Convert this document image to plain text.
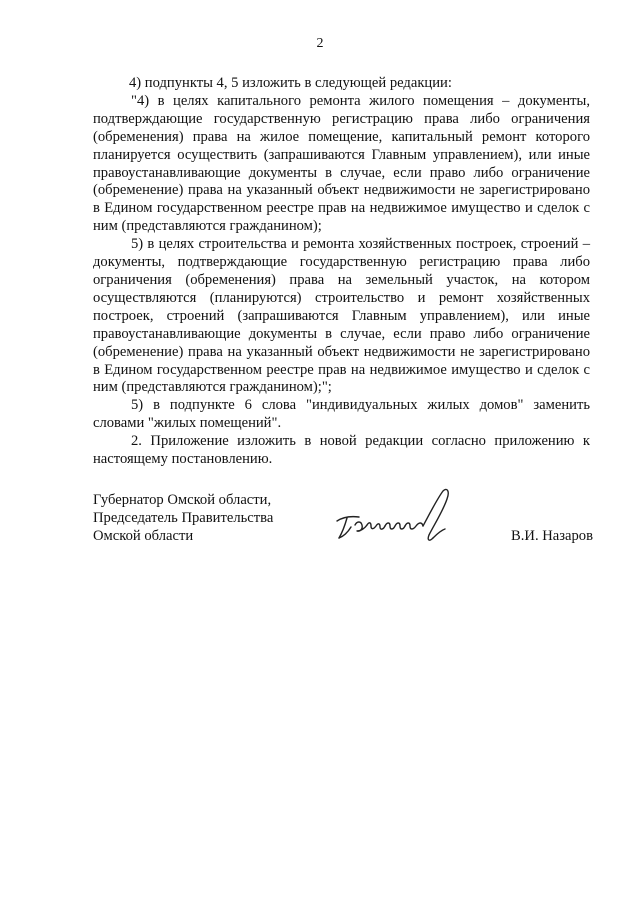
2

4) подпункты 4, 5 изложить в следующей редакции:

"4) в целях капитального ремонта жилого помещения – документы, подтверждающие государственную регистрацию права либо ограничения (обременения) права на жилое помещение, капитальный ремонт которого планируется осуществить (запрашиваются Главным управлением), или иные правоустанавливающие документы в случае, если право либо ограничение (обременение) права на указанный объект недвижимости не зарегистрировано в Едином государственном реестре прав на недвижимое имущество и сделок с ним (представляются гражданином);

5) в целях строительства и ремонта хозяйственных построек, строений – документы, подтверждающие государственную регистрацию права либо ограничения (обременения) права на земельный участок, на котором осуществляются (планируются) строительство и ремонт хозяйственных построек, строений (запрашиваются Главным управлением), или иные правоустанавливающие документы в случае, если право либо ограничение (обременение) права на указанный объект недвижимости не зарегистрировано в Едином государственном реестре прав на недвижимое имущество и сделок с ним (представляются гражданином);";

5) в подпункте 6 слова "индивидуальных жилых домов" заменить словами "жилых помещений".

2. Приложение изложить в новой редакции согласно приложению к настоящему постановлению.

Губернатор Омской области,
Председатель Правительства
Омской области	В.И. Назаров
